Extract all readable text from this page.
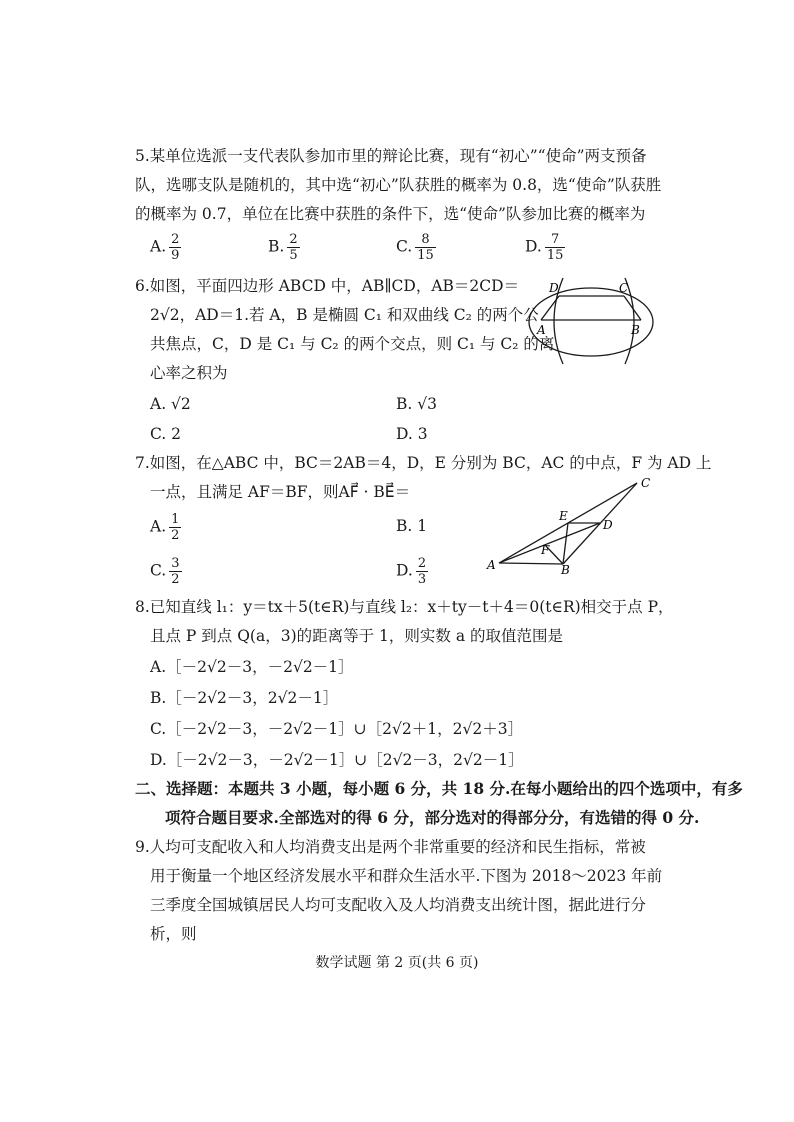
5.某单位选派一支代表队参加市里的辩论比赛，现有“初心”“使命”两支预备
队，选哪支队是随机的，其中选“初心”队获胜的概率为 0.8，选“使命”队获胜
的概率为 0.7，单位在比赛中获胜的条件下，选“使命”队参加比赛的概率为
A. $\frac{2}{9}$	B. $\frac{2}{5}$	C. $\frac{8}{15}$	D. $\frac{7}{15}$
6.如图，平面四边形 ABCD 中，AB∥CD，AB＝2CD＝
2√2，AD＝1.若 A，B 是椭圆 C₁ 和双曲线 C₂ 的两个公
共焦点，C，D 是 C₁ 与 C₂ 的两个交点，则 C₁ 与 C₂ 的离
心率之积为
D	C
A	B
A. √2	B. √3
C. 2	D. 3
7.如图，在△ABC 中，BC＝2AB＝4，D，E 分别为 BC，AC 的中点，F 为 AD 上
一点，且满足 AF＝BF，则AF⃗ · BE⃗＝
A. $\frac{1}{2}$	B. 1
C. $\frac{3}{2}$	D. $\frac{2}{3}$
C
E
D
F
A	B
8.已知直线 l₁：y＝tx＋5(t∈R)与直线 l₂：x＋ty－t＋4＝0(t∈R)相交于点 P，
且点 P 到点 Q(a，3)的距离等于 1，则实数 a 的取值范围是
A.［－2√2－3，－2√2－1］
B.［－2√2－3，2√2－1］
C.［－2√2－3，－2√2－1］∪［2√2＋1，2√2＋3］
D.［－2√2－3，－2√2－1］∪［2√2－3，2√2－1］
二、选择题：本题共 3 小题，每小题 6 分，共 18 分.在每小题给出的四个选项中，有多
项符合题目要求.全部选对的得 6 分，部分选对的得部分分，有选错的得 0 分.
9.人均可支配收入和人均消费支出是两个非常重要的经济和民生指标，常被
用于衡量一个地区经济发展水平和群众生活水平.下图为 2018～2023 年前
三季度全国城镇居民人均可支配收入及人均消费支出统计图，据此进行分
析，则
数学试题 第 2 页(共 6 页)
